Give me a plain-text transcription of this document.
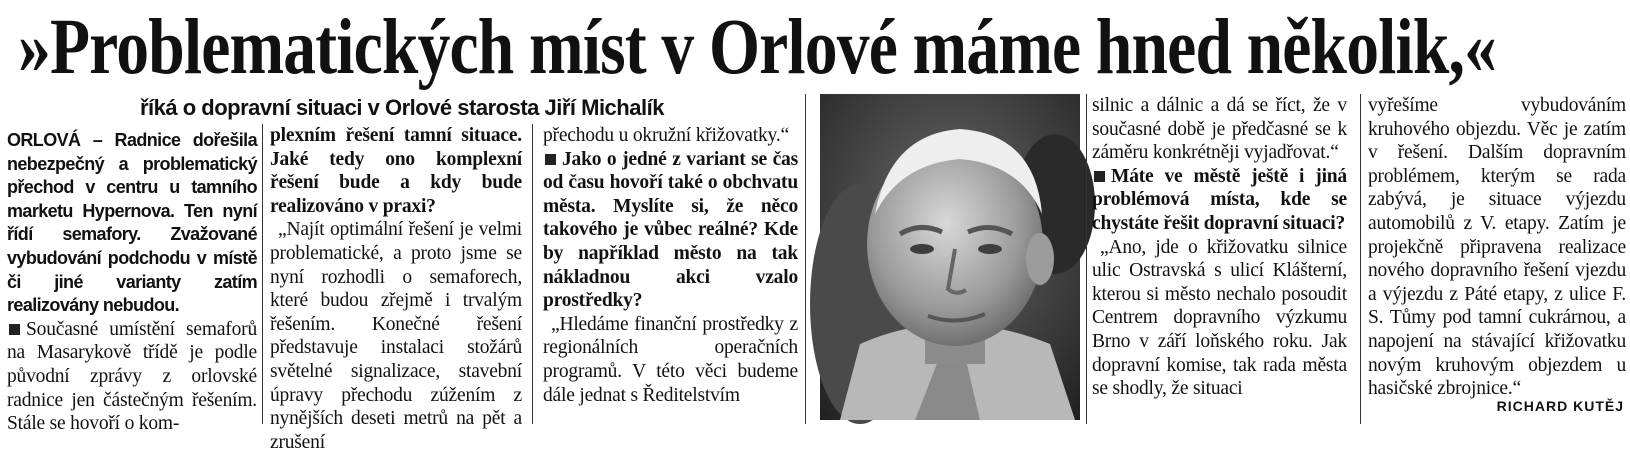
»Problematických míst v Orlové máme hned několik,«
říká o dopravní situaci v Orlové starosta Jiří Michalík

ORLOVÁ – Radnice dořešila nebezpečný a problematický přechod v centru u tamního marketu Hypernova. Ten nyní řídí semafory. Zvažované vybudování podchodu v místě či jiné varianty zatím realizovány nebudou.

Současné umístění semaforů na Masarykově třídě je podle původní zprávy z orlovské radnice jen částečným řešením. Stále se hovoří o kom-

plexním řešení tamní situace. Jaké tedy ono komplexní řešení bude a kdy bude realizováno v praxi?

„Najít optimální řešení je velmi problematické, a proto jsme se nyní rozhodli o semaforech, které budou zřejmě i trvalým řešením. Konečné řešení představuje instalaci stožárů světelné signalizace, stavební úpravy přechodu zúžením z nynějších deseti metrů na pět a zrušení

přechodu u okružní křižovatky.“

Jako o jedné z variant se čas od času hovoří také o obchvatu města. Myslíte si, že něco takového je vůbec reálné? Kde by například město na tak nákladnou akci vzalo prostředky?

„Hledáme finanční prostředky z regionálních operačních programů. V této věci budeme dále jednat s Ředitelstvím

silnic a dálnic a dá se říct, že v současné době je předčasné se k záměru konkrétněji vyjadřovat.“

Máte ve městě ještě i jiná problémová místa, kde se chystáte řešit dopravní situaci?

„Ano, jde o křižovatku silnice ulic Ostravská s ulicí Klášterní, kterou si město nechalo posoudit Centrem dopravního výzkumu Brno v září loňského roku. Jak dopravní komise, tak rada města se shodly, že situaci

vyřešíme vybudováním kruhového objezdu. Věc je zatím v řešení. Dalším dopravním problémem, kterým se rada zabývá, je situace výjezdu automobilů z V. etapy. Zatím je projekčně připravena realizace nového dopravního řešení vjezdu a výjezdu z Páté etapy, z ulice F. S. Tůmy pod tamní cukrárnou, a napojení na stávající křižovatku novým kruhovým objezdem u hasičské zbrojnice.“

RICHARD KUTĚJ
